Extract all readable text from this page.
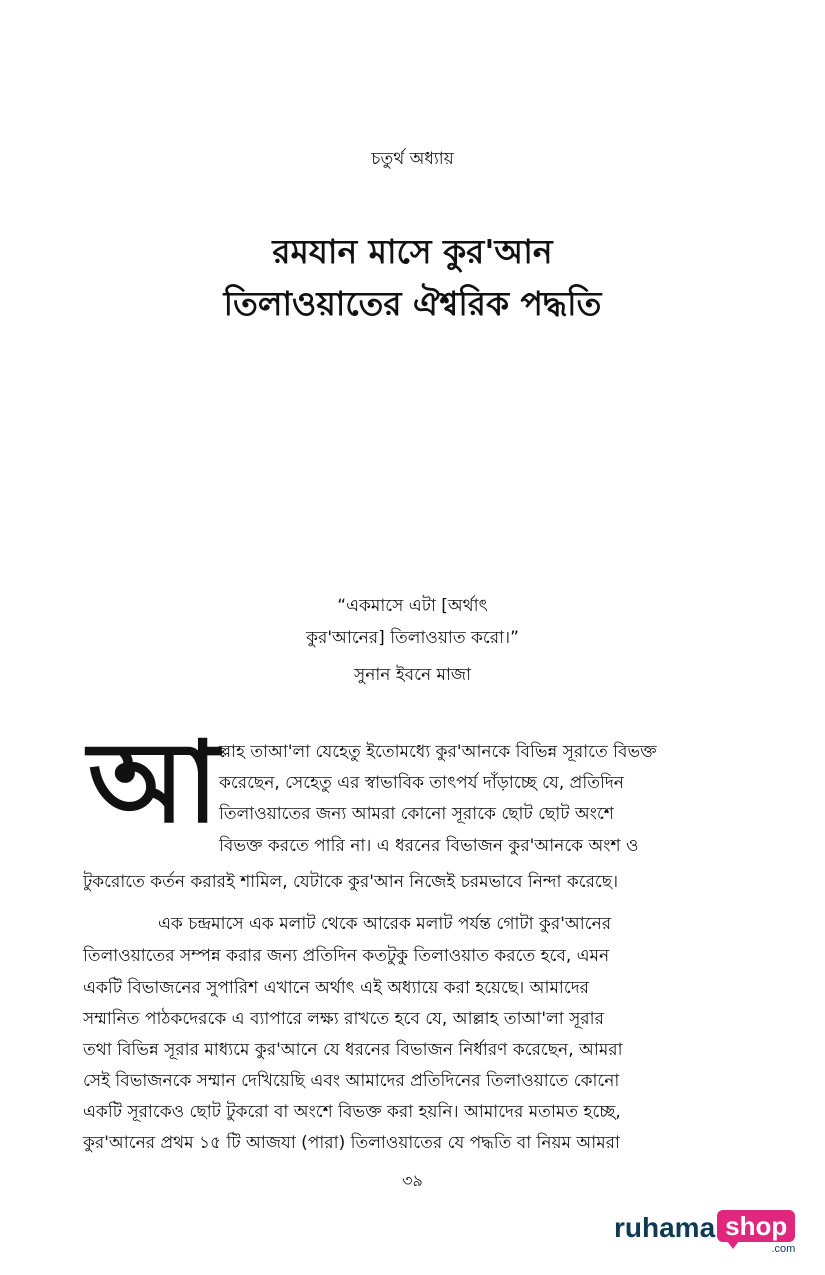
চতুর্থ অধ্যায়
রমযান মাসে কুর'আন
তিলাওয়াতের ঐশ্বরিক পদ্ধতি
“একমাসে এটা [অর্থাৎ
কুর'আনের] তিলাওয়াত করো।”
সুনান ইবনে মাজা
আ ল্লাহ তাআ'লা যেহেতু ইতোমধ্যে কুর'আনকে বিভিন্ন সূরাতে বিভক্ত
করেছেন, সেহেতু এর স্বাভাবিক তাৎপর্য দাঁড়াচ্ছে যে, প্রতিদিন
তিলাওয়াতের জন্য আমরা কোনো সূরাকে ছোট ছোট অংশে
বিভক্ত করতে পারি না। এ ধরনের বিভাজন কুর'আনকে অংশ ও
টুকরোতে কর্তন করারই শামিল, যেটাকে কুর'আন নিজেই চরমভাবে নিন্দা করেছে।
এক চন্দ্রমাসে এক মলাট থেকে আরেক মলাট পর্যন্ত গোটা কুর'আনের
তিলাওয়াতের সম্পন্ন করার জন্য প্রতিদিন কতটুকু তিলাওয়াত করতে হবে, এমন
একটি বিভাজনের সুপারিশ এখানে অর্থাৎ এই অধ্যায়ে করা হয়েছে। আমাদের
সম্মানিত পাঠকদেরকে এ ব্যাপারে লক্ষ্য রাখতে হবে যে, আল্লাহ তাআ'লা সূরার
তথা বিভিন্ন সূরার মাধ্যমে কুর'আনে যে ধরনের বিভাজন নির্ধারণ করেছেন, আমরা
সেই বিভাজনকে সম্মান দেখিয়েছি এবং আমাদের প্রতিদিনের তিলাওয়াতে কোনো
একটি সূরাকেও ছোট টুকরো বা অংশে বিভক্ত করা হয়নি। আমাদের মতামত হচ্ছে,
কুর'আনের প্রথম ১৫ টি আজযা (পারা) তিলাওয়াতের যে পদ্ধতি বা নিয়ম আমরা
৩৯
ruhama shop
.com
